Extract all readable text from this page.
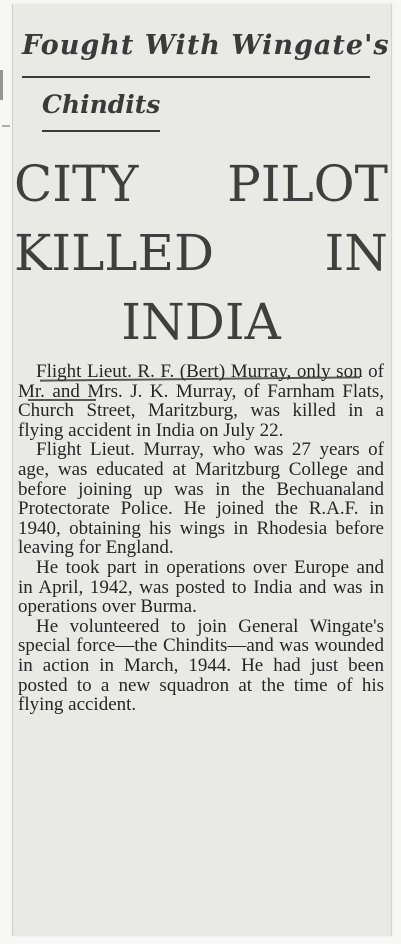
Fought With Wingate's
Chindits
CITY PILOT
KILLED IN
INDIA

Flight Lieut. R. F. (Bert) Murray, only son of Mr. and Mrs. J. K. Murray, of Farnham Flats, Church Street, Maritzburg, was killed in a flying accident in India on July 22.

Flight Lieut. Murray, who was 27 years of age, was educated at Maritzburg College and before joining up was in the Bechuanaland Protectorate Police. He joined the R.A.F. in 1940, obtaining his wings in Rhodesia before leaving for England.

He took part in operations over Europe and in April, 1942, was posted to India and was in operations over Burma.

He volunteered to join General Wingate's special force—the Chindits—and was wounded in action in March, 1944. He had just been posted to a new squadron at the time of his flying accident.
